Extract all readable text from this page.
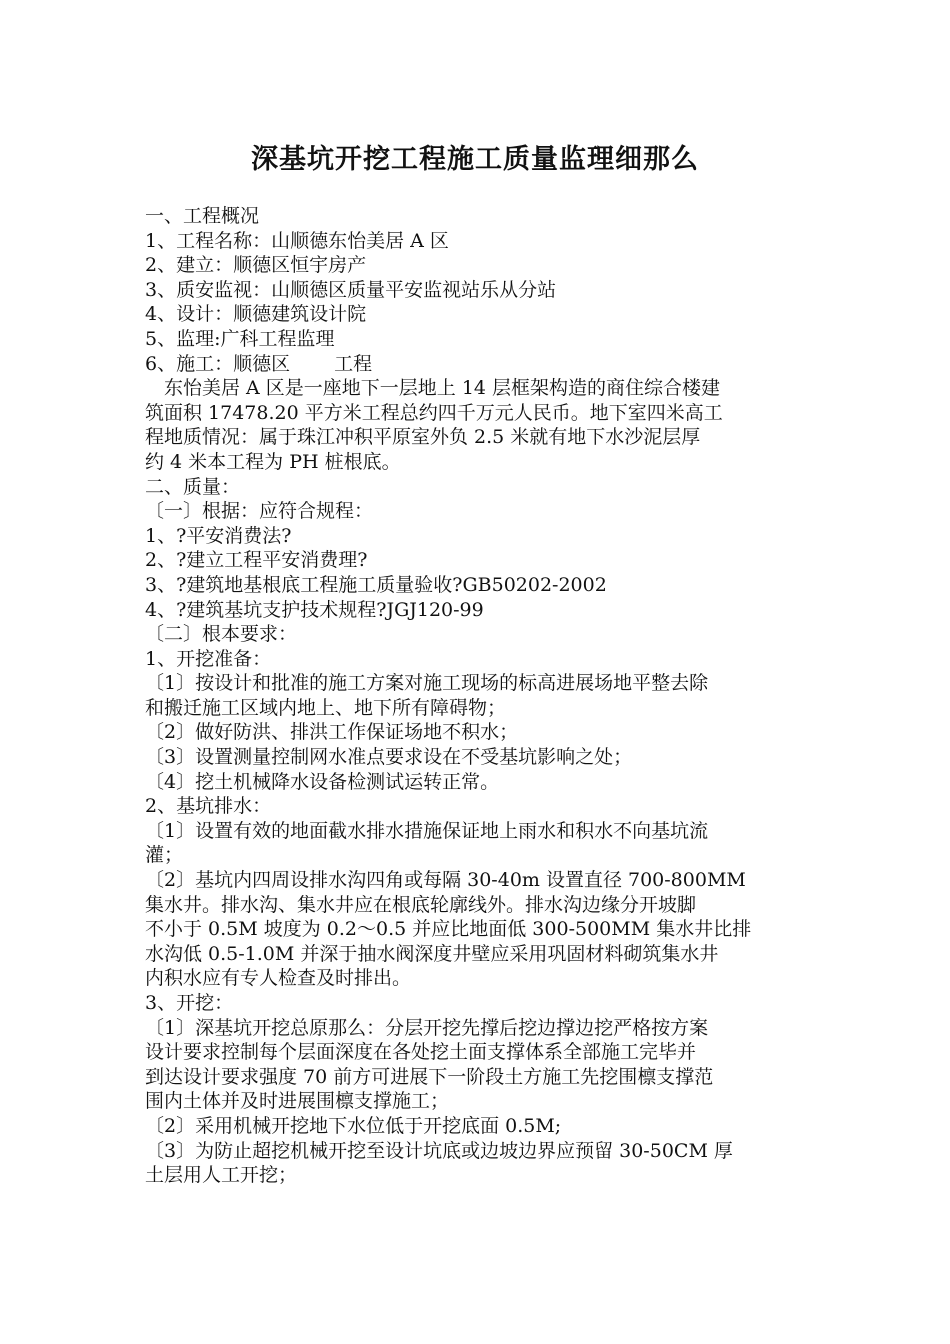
深基坑开挖工程施工质量监理细那么
一、工程概况
1、工程名称：山顺德东怡美居 A 区
2、建立：顺德区恒宇房产
3、质安监视：山顺德区质量平安监视站乐从分站
4、设计：顺德建筑设计院
5、监理:广科工程监理
6、施工：顺德区　　 工程
　东怡美居 A 区是一座地下一层地上 14 层框架构造的商住综合楼建
筑面积 17478.20 平方米工程总约四千万元人民币。地下室四米高工
程地质情况：属于珠江冲积平原室外负 2.5 米就有地下水沙泥层厚
约 4 米本工程为 PH 桩根底。
二、质量：
〔一〕根据：应符合规程：
1、?平安消费法?
2、?建立工程平安消费理?
3、?建筑地基根底工程施工质量验收?GB50202-2002
4、?建筑基坑支护技术规程?JGJ120-99
〔二〕根本要求：
1、开挖准备：
〔1〕按设计和批准的施工方案对施工现场的标高进展场地平整去除
和搬迁施工区域内地上、地下所有障碍物；
〔2〕做好防洪、排洪工作保证场地不积水；
〔3〕设置测量控制网水准点要求设在不受基坑影响之处；
〔4〕挖土机械降水设备检测试运转正常。
2、基坑排水：
〔1〕设置有效的地面截水排水措施保证地上雨水和积水不向基坑流
灌；
〔2〕基坑内四周设排水沟四角或每隔 30-40m 设置直径 700-800MM
集水井。排水沟、集水井应在根底轮廓线外。排水沟边缘分开坡脚
不小于 0.5M 坡度为 0.2～0.5 并应比地面低 300-500MM 集水井比排
水沟低 0.5-1.0M 并深于抽水阀深度井壁应采用巩固材料砌筑集水井
内积水应有专人检查及时排出。
3、开挖：
〔1〕深基坑开挖总原那么：分层开挖先撑后挖边撑边挖严格按方案
设计要求控制每个层面深度在各处挖土面支撑体系全部施工完毕并
到达设计要求强度 70 前方可进展下一阶段土方施工先挖围檩支撑范
围内土体并及时进展围檩支撑施工；
〔2〕采用机械开挖地下水位低于开挖底面 0.5M;
〔3〕为防止超挖机械开挖至设计坑底或边坡边界应预留 30-50CM 厚
土层用人工开挖；
